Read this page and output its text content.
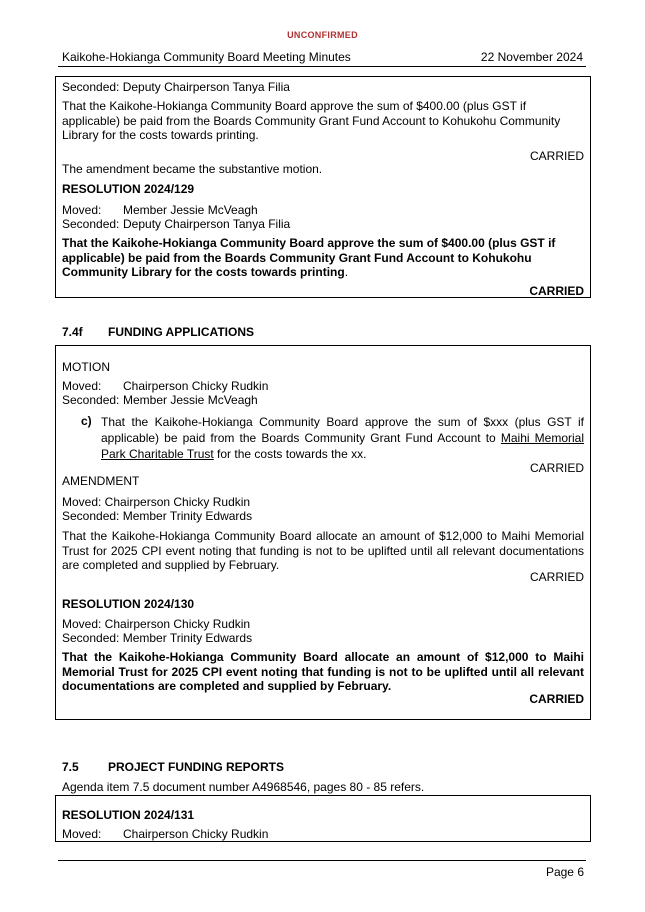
UNCONFIRMED
Kaikohe-Hokianga Community Board Meeting Minutes	22 November 2024
Seconded: Deputy Chairperson Tanya Filia
That the Kaikohe-Hokianga Community Board approve the sum of $400.00 (plus GST if applicable) be paid from the Boards Community Grant Fund Account to Kohukohu Community Library for the costs towards printing.
CARRIED
The amendment became the substantive motion.
RESOLUTION 2024/129
Moved: Member Jessie McVeagh
Seconded: Deputy Chairperson Tanya Filia
That the Kaikohe-Hokianga Community Board approve the sum of $400.00 (plus GST if applicable) be paid from the Boards Community Grant Fund Account to Kohukohu Community Library for the costs towards printing.
CARRIED
7.4f FUNDING APPLICATIONS
MOTION
Moved: Chairperson Chicky Rudkin
Seconded: Member Jessie McVeagh
c) That the Kaikohe-Hokianga Community Board approve the sum of $xxx (plus GST if applicable) be paid from the Boards Community Grant Fund Account to Maihi Memorial Park Charitable Trust for the costs towards the xx.
CARRIED
AMENDMENT
Moved: Chairperson Chicky Rudkin
Seconded: Member Trinity Edwards
That the Kaikohe-Hokianga Community Board allocate an amount of $12,000 to Maihi Memorial Trust for 2025 CPI event noting that funding is not to be uplifted until all relevant documentations are completed and supplied by February.
CARRIED
RESOLUTION 2024/130
Moved: Chairperson Chicky Rudkin
Seconded: Member Trinity Edwards
That the Kaikohe-Hokianga Community Board allocate an amount of $12,000 to Maihi Memorial Trust for 2025 CPI event noting that funding is not to be uplifted until all relevant documentations are completed and supplied by February.
CARRIED
7.5 PROJECT FUNDING REPORTS
Agenda item 7.5 document number A4968546, pages 80 - 85 refers.
RESOLUTION 2024/131
Moved: Chairperson Chicky Rudkin
Page 6
